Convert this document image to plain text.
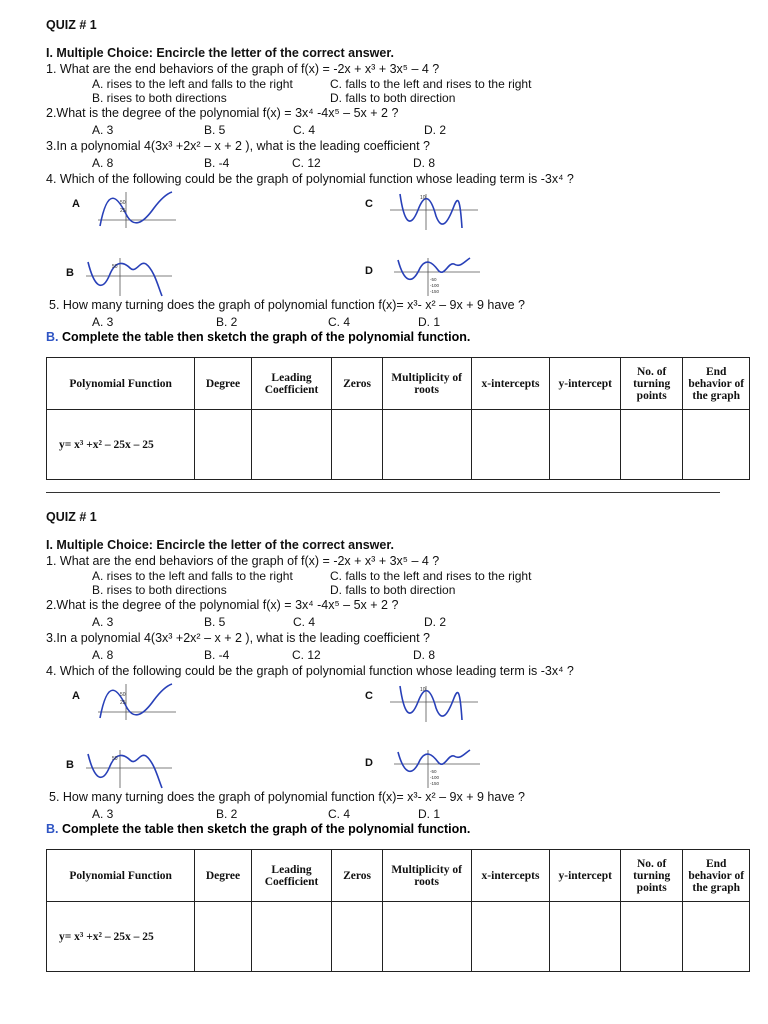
QUIZ # 1
I. Multiple Choice: Encircle the letter of the correct answer.
1. What are the end behaviors of the graph of f(x) = -2x + x³ + 3x⁵ – 4 ?
A. rises to the left and falls to the right	C. falls to the left and rises to the right
B. rises to both directions	D. falls to both direction
2.What is the degree of the polynomial f(x) = 3x⁴ -4x⁵ – 5x + 2 ?
A. 3	B. 5	C. 4	D. 2
3.In a polynomial 4(3x³ +2x² – x + 2 ), what is the leading coefficient ?
A. 8	B. -4	C. 12	D. 8
4. Which of the following could be the graph of polynomial function whose leading term is -3x⁴ ?
A	50
25
C	10
B	50	D
-50
-100
-150
5. How many turning does the graph of polynomial function f(x)= x³- x² – 9x + 9 have ?
A. 3	B. 2	C. 4	D. 1
B. Complete the table then sketch the graph of the polynomial function.
Polynomial Function	Degree	Leading Coefficient	Zeros	Multiplicity of roots	x-intercepts	y-intercept	No. of turning points	End behavior of the graph
y= x³ +x² – 25x – 25								
QUIZ # 1
I. Multiple Choice: Encircle the letter of the correct answer.
1. What are the end behaviors of the graph of f(x) = -2x + x³ + 3x⁵ – 4 ?
A. rises to the left and falls to the right	C. falls to the left and rises to the right
B. rises to both directions	D. falls to both direction
2.What is the degree of the polynomial f(x) = 3x⁴ -4x⁵ – 5x + 2 ?
A. 3	B. 5	C. 4	D. 2
3.In a polynomial 4(3x³ +2x² – x + 2 ), what is the leading coefficient ?
A. 8	B. -4	C. 12	D. 8
4. Which of the following could be the graph of polynomial function whose leading term is -3x⁴ ?
A	50
25
C	10
B	50	D
-50
-100
-150
5. How many turning does the graph of polynomial function f(x)= x³- x² – 9x + 9 have ?
A. 3	B. 2	C. 4	D. 1
B. Complete the table then sketch the graph of the polynomial function.
Polynomial Function	Degree	Leading Coefficient	Zeros	Multiplicity of roots	x-intercepts	y-intercept	No. of turning points	End behavior of the graph
y= x³ +x² – 25x – 25								
